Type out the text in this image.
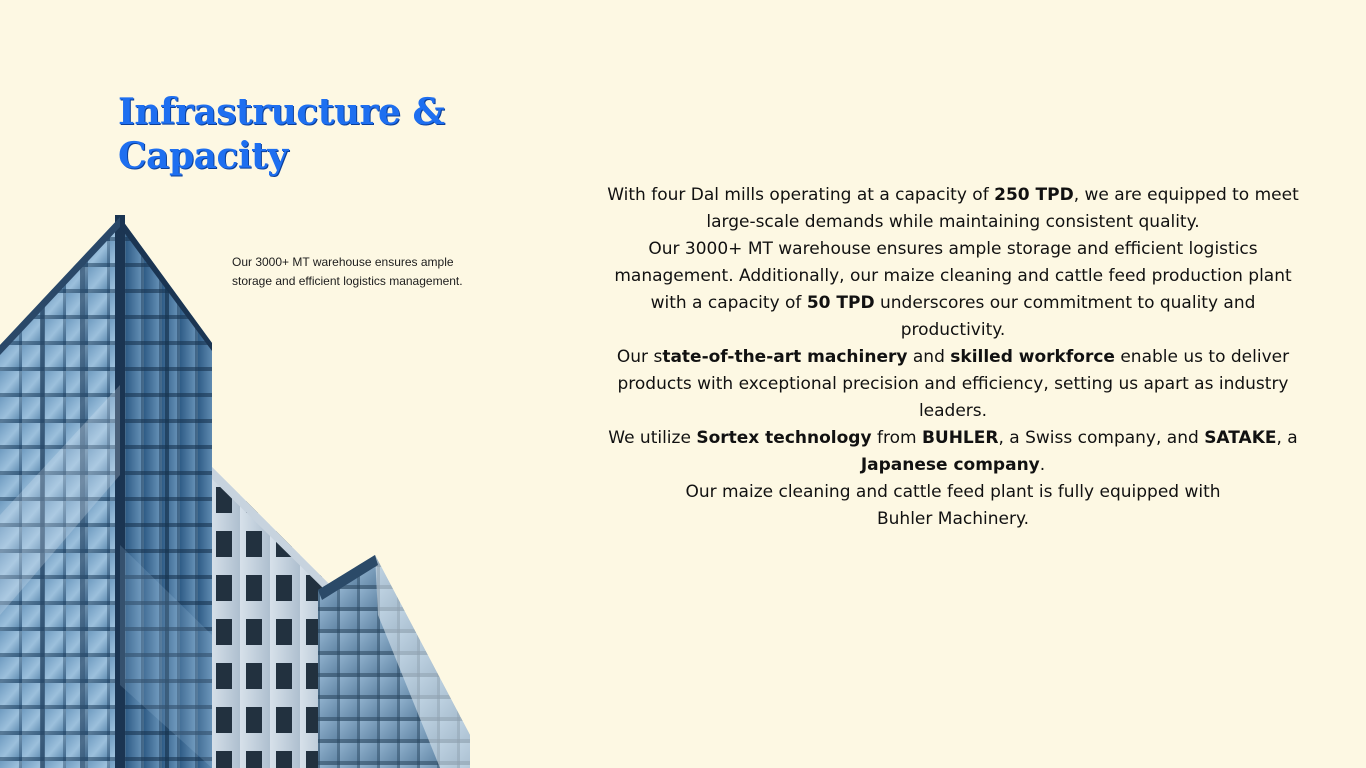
Infrastructure & Capacity

Our 3000+ MT warehouse ensures ample storage and efficient logistics management.

With four Dal mills operating at a capacity of 250 TPD, we are equipped to meet large-scale demands while maintaining consistent quality.

Our 3000+ MT warehouse ensures ample storage and efficient logistics management. Additionally, our maize cleaning and cattle feed production plant with a capacity of 50 TPD underscores our commitment to quality and productivity.

Our state-of-the-art machinery and skilled workforce enable us to deliver products with exceptional precision and efficiency, setting us apart as industry leaders.

We utilize Sortex technology from BUHLER, a Swiss company, and SATAKE, a Japanese company.

Our maize cleaning and cattle feed plant is fully equipped with
Buhler Machinery.
